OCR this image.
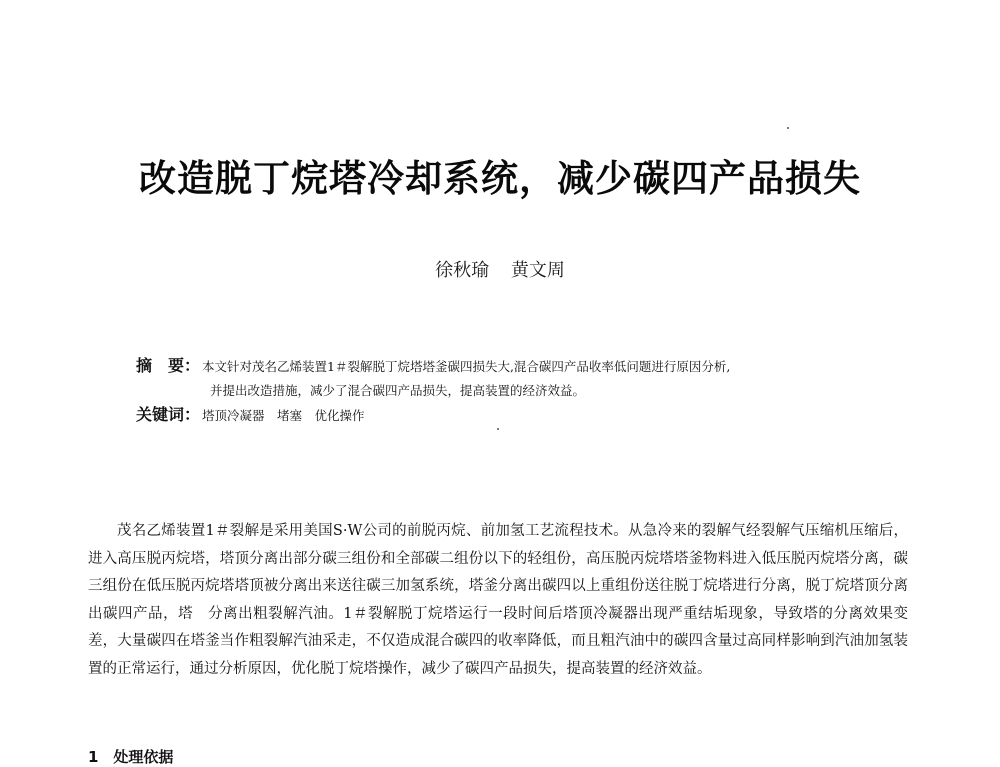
改造脱丁烷塔冷却系统，减少碳四产品损失
徐秋瑜 黄文周
摘　要： 本文针对茂名乙烯装置1＃裂解脱丁烷塔塔釜碳四损失大,混合碳四产品收率低问题进行原因分析,
并提出改造措施，减少了混合碳四产品损失，提高装置的经济效益。
关键词： 塔顶冷凝器　堵塞　优化操作
茂名乙烯装置1＃裂解是采用美国S·W公司的前脱丙烷、前加氢工艺流程技术。从急冷来的裂解气经裂解气压缩机压缩后，进入高压脱丙烷塔，塔顶分离出部分碳三组份和全部碳二组份以下的轻组份，高压脱丙烷塔塔釜物料进入低压脱丙烷塔分离，碳三组份在低压脱丙烷塔塔顶被分离出来送往碳三加氢系统，塔釜分离出碳四以上重组份送往脱丁烷塔进行分离，脱丁烷塔顶分离出碳四产品，塔　分离出粗裂解汽油。1＃裂解脱丁烷塔运行一段时间后塔顶冷凝器出现严重结垢现象，导致塔的分离效果变差，大量碳四在塔釜当作粗裂解汽油采走，不仅造成混合碳四的收率降低，而且粗汽油中的碳四含量过高同样影响到汽油加氢装置的正常运行，通过分析原因，优化脱丁烷塔操作，减少了碳四产品损失，提高装置的经济效益。
1　处理依据
